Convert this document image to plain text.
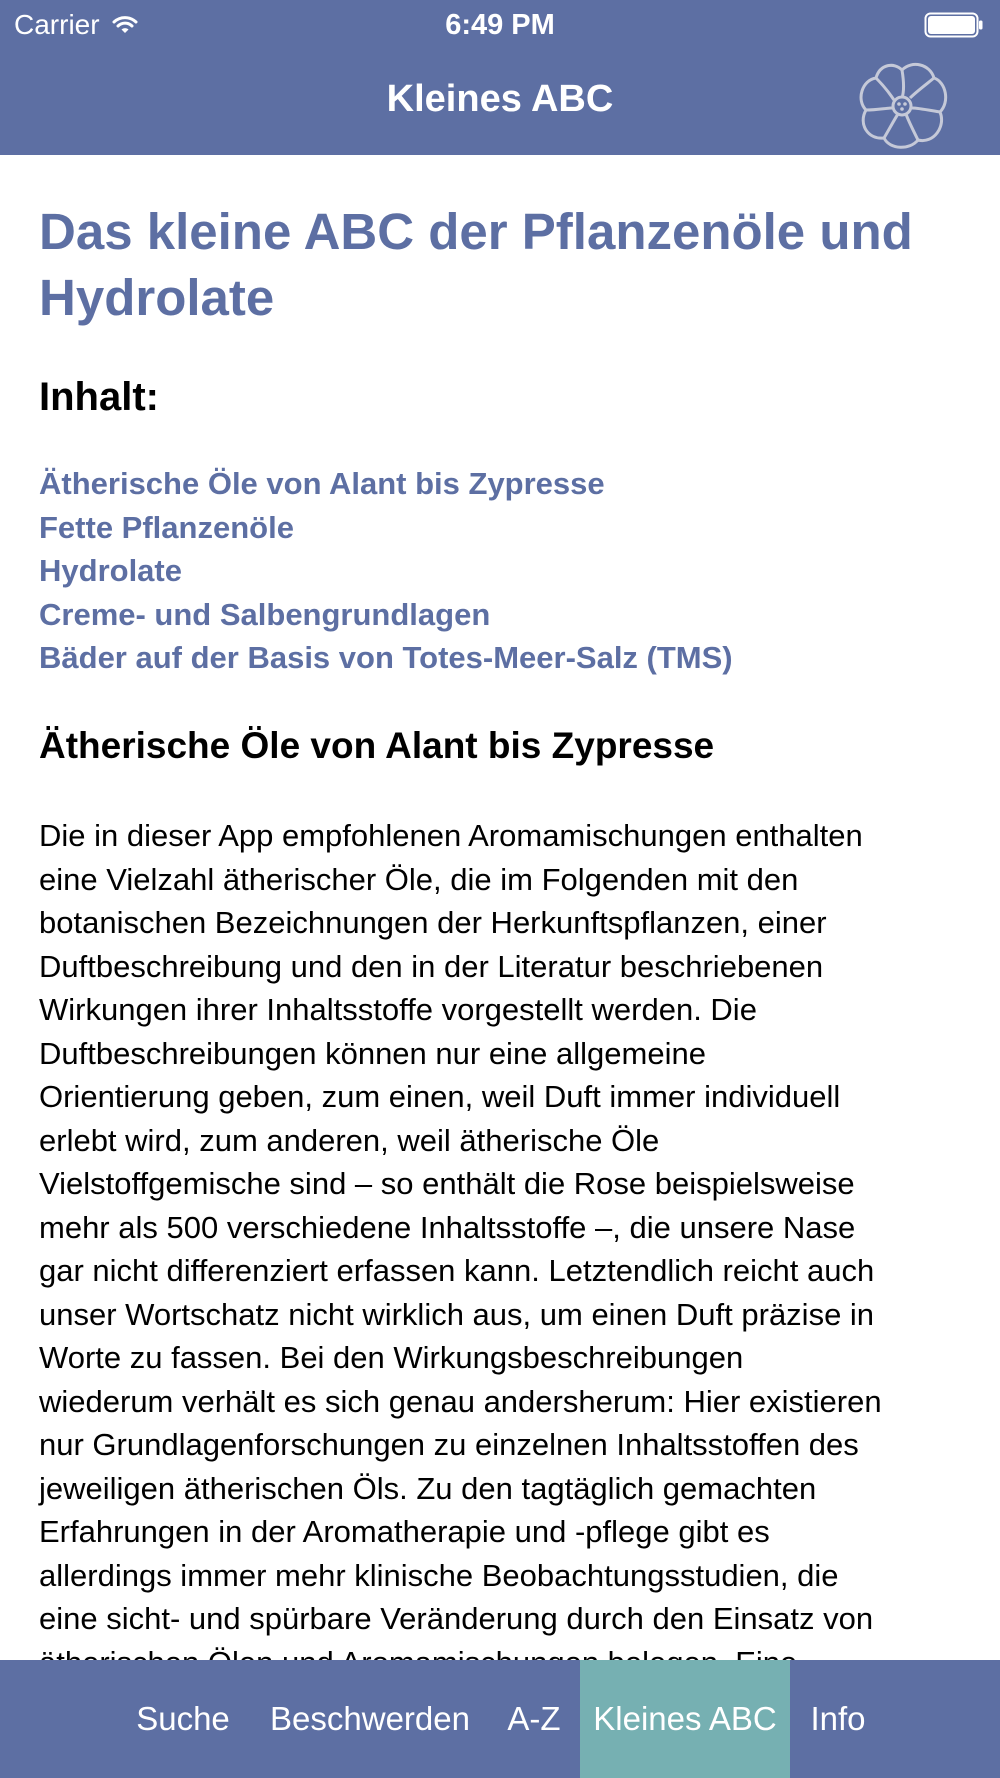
Carrier	6:49 PM
Kleines ABC
Das kleine ABC der Pflanzenöle und Hydrolate
Inhalt:
Ätherische Öle von Alant bis Zypresse
Fette Pflanzenöle
Hydrolate
Creme- und Salbengrundlagen
Bäder auf der Basis von Totes-Meer-Salz (TMS)
Ätherische Öle von Alant bis Zypresse

Die in dieser App empfohlenen Aromamischungen enthalten
eine Vielzahl ätherischer Öle, die im Folgenden mit den
botanischen Bezeichnungen der Herkunftspflanzen, einer
Duftbeschreibung und den in der Literatur beschriebenen
Wirkungen ihrer Inhaltsstoffe vorgestellt werden. Die
Duftbeschreibungen können nur eine allgemeine
Orientierung geben, zum einen, weil Duft immer individuell
erlebt wird, zum anderen, weil ätherische Öle
Vielstoffgemische sind – so enthält die Rose beispielsweise
mehr als 500 verschiedene Inhaltsstoffe –, die unsere Nase
gar nicht differenziert erfassen kann. Letztendlich reicht auch
unser Wortschatz nicht wirklich aus, um einen Duft präzise in
Worte zu fassen. Bei den Wirkungsbeschreibungen
wiederum verhält es sich genau andersherum: Hier existieren
nur Grundlagenforschungen zu einzelnen Inhaltsstoffen des
jeweiligen ätherischen Öls. Zu den tagtäglich gemachten
Erfahrungen in der Aromatherapie und -pflege gibt es
allerdings immer mehr klinische Beobachtungsstudien, die
eine sicht- und spürbare Veränderung durch den Einsatz von

Suche	Beschwerden	A-Z Kleines ABC	Info
